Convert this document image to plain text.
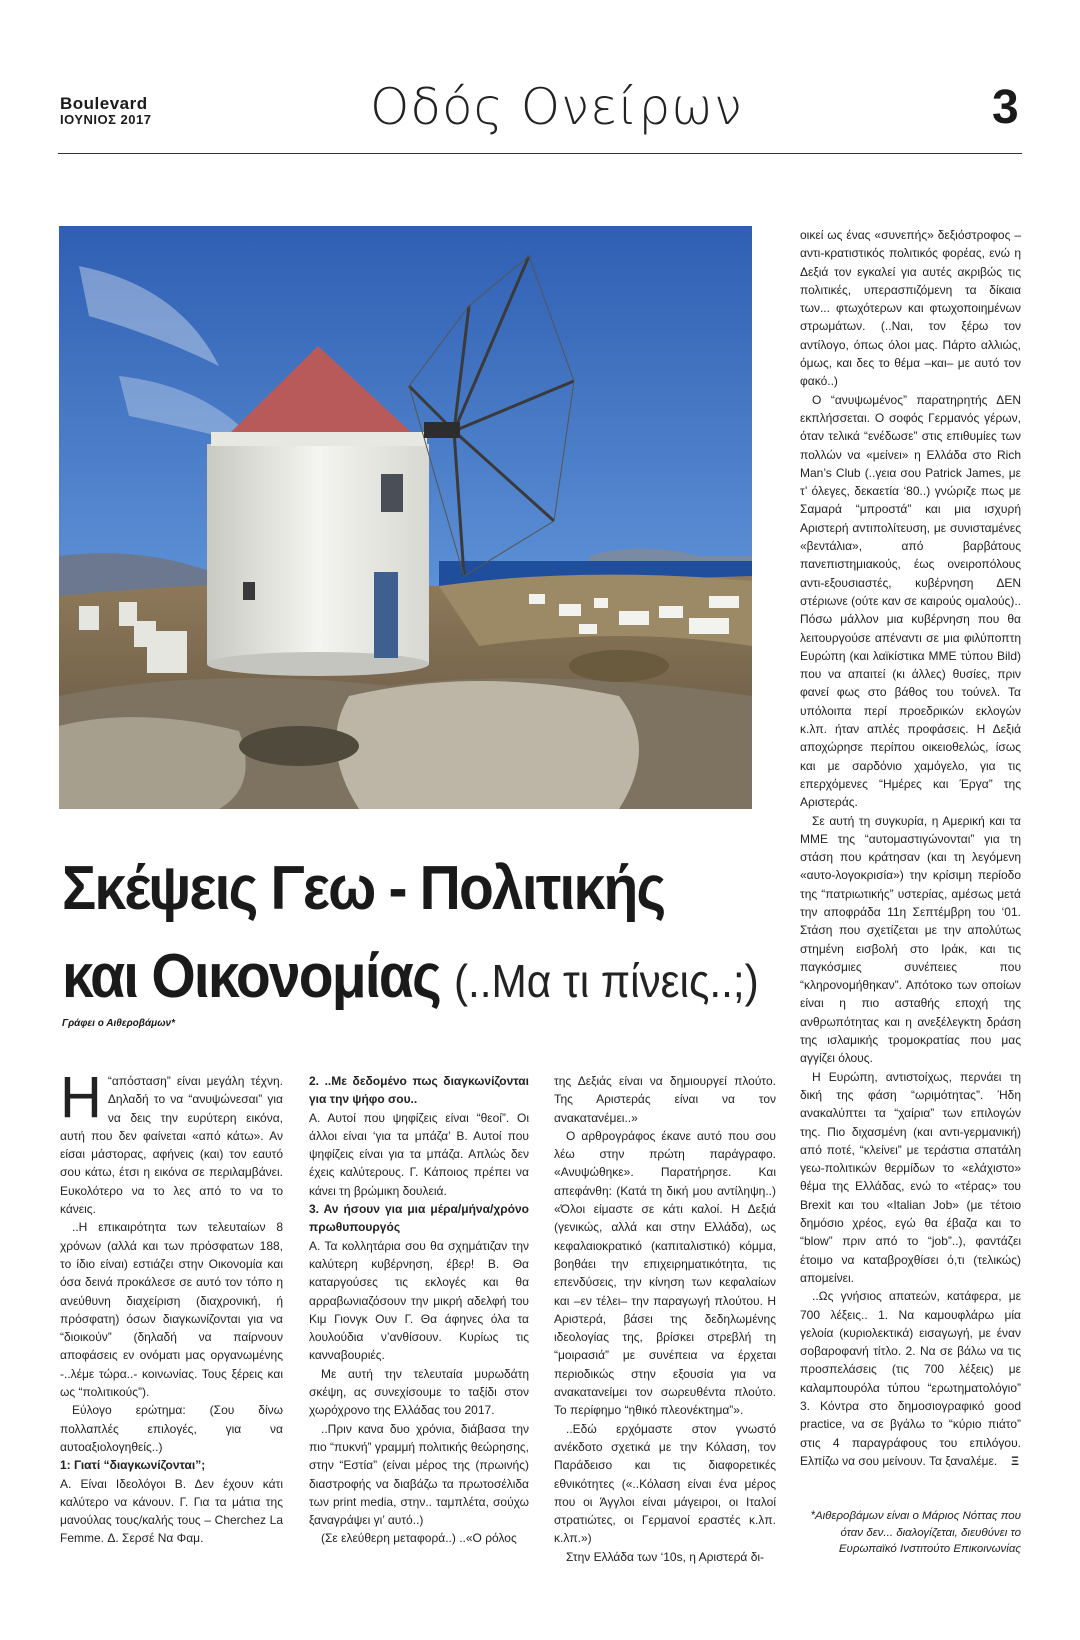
Boulevard
ΙΟΥΝΙΟΣ 2017	Οδός Ονείρων	3
Σκέψεις Γεω - Πολιτικής
και Οικονομίας (..Μα τι πίνεις..;)
Γράφει ο Αιθεροβάμων*
Η “απόσταση” είναι μεγάλη τέχνη. Δηλαδή το να “ανυψώνεσαι” για να δεις την ευρύτερη εικόνα, αυτή που δεν φαίνεται «από κάτω». Αν είσαι μάστορας, αφήνεις (και) τον εαυτό σου κάτω, έτσι η εικόνα σε περιλαμβάνει. Ευκολότερο να το λες από το να το κάνεις.

..Η επικαιρότητα των τελευταίων 8 χρόνων (αλλά και των πρόσφατων 188, το ίδιο είναι) εστιάζει στην Οικονομία και όσα δεινά προκάλεσε σε αυτό τον τόπο η ανεύθυνη διαχείριση (διαχρονική, ή πρόσφατη) όσων διαγκωνίζονται για να “διοικούν” (δηλαδή να παίρνουν αποφάσεις εν ονόματι μας οργανωμένης -..λέμε τώρα..- κοινωνίας. Τους ξέρεις και ως “πολιτικούς”).

Εύλογο ερώτημα: (Σου δίνω πολλαπλές επιλογές, για να αυτοαξιολογηθείς..)

1: Γιατί “διαγκωνίζονται”;

Α. Είναι Ιδεολόγοι Β. Δεν έχουν κάτι καλύτερο να κάνουν. Γ. Για τα μάτια της μανούλας τους/καλής τους – Cherchez La Femme. Δ. Σερσέ Να Φαμ.

2. ..Με δεδομένο πως διαγκωνίζονται για την ψήφο σου..

Α. Αυτοί που ψηφίζεις είναι “θεοί”. Οι άλλοι είναι ‘για τα μπάζα’ Β. Αυτοί που ψηφίζεις είναι για τα μπάζα. Απλώς δεν έχεις καλύτερους. Γ. Κάποιος πρέπει να κάνει τη βρώμικη δουλειά.

3. Αν ήσουν για μια μέρα/μήνα/χρόνο πρωθυπουργός

Α. Τα κολλητάρια σου θα σχημάτιζαν την καλύτερη κυβέρνηση, έβερ! Β. Θα καταργούσες τις εκλογές και θα αρραβωνιαζόσουν την μικρή αδελφή του Κιμ Γιονγκ Ουν Γ. Θα άφηνες όλα τα λουλούδια ν’ανθίσουν. Κυρίως τις κανναβουριές.

Με αυτή την τελευταία μυρωδάτη σκέψη, ας συνεχίσουμε το ταξίδι στον χωρόχρονο της Ελλάδας του 2017.

..Πριν κανα δυο χρόνια, διάβασα την πιο “πυκνή” γραμμή πολιτικής θεώρησης, στην “Εστία” (είναι μέρος της (πρωινής) διαστροφής να διαβάζω τα πρωτοσέλιδα των print media, στην.. ταμπλέτα, σούχω ξαναγράψει γι’ αυτό..)

(Σε ελεύθερη μεταφορά..) ..«Ο ρόλος

της Δεξιάς είναι να δημιουργεί πλούτο. Της Αριστεράς είναι να τον ανακατανέμει..»

Ο αρθρογράφος έκανε αυτό που σου λέω στην πρώτη παράγραφο. «Ανυψώθηκε». Παρατήρησε. Και απεφάνθη: (Κατά τη δική μου αντίληψη..) «Όλοι είμαστε σε κάτι καλοί. Η Δεξιά (γενικώς, αλλά και στην Ελλάδα), ως κεφαλαιοκρατικό (καπιταλιστικό) κόμμα, βοηθάει την επιχειρηματικότητα, τις επενδύσεις, την κίνηση των κεφαλαίων και –εν τέλει– την παραγωγή πλούτου. Η Αριστερά, βάσει της δεδηλωμένης ιδεολογίας της, βρίσκει στρεβλή τη “μοιρασιά” με συνέπεια να έρχεται περιοδικώς στην εξουσία για να ανακατανείμει τον σωρευθέντα πλούτο. Το περίφημο “ηθικό πλεονέκτημα”».

..Εδώ ερχόμαστε στον γνωστό ανέκδοτο σχετικά με την Κόλαση, τον Παράδεισο και τις διαφορετικές εθνικότητες («..Κόλαση είναι ένα μέρος που οι Άγγλοι είναι μάγειροι, οι Ιταλοί στρατιώτες, οι Γερμανοί εραστές κ.λπ. κ.λπ.»)

Στην Ελλάδα των ‘10s, η Αριστερά δι-

οικεί ως ένας «συνεπής» δεξιόστροφος – αντι-κρατιστικός πολιτικός φορέας, ενώ η Δεξιά τον εγκαλεί για αυτές ακριβώς τις πολιτικές, υπερασπιζόμενη τα δίκαια των... φτωχότερων και φτωχοποιημένων στρωμάτων. (..Ναι, τον ξέρω τον αντίλογο, όπως όλοι μας. Πάρτο αλλιώς, όμως, και δες το θέμα –και– με αυτό τον φακό..)

Ο “ανυψωμένος” παρατηρητής ΔΕΝ εκπλήσσεται. Ο σοφός Γερμανός γέρων, όταν τελικά “ενέδωσε” στις επιθυμίες των πολλών να «μείνει» η Ελλάδα στο Rich Man’s Club (..γεια σου Patrick James, με τ’ όλεγες, δεκαετία ‘80..) γνώριζε πως με Σαμαρά “μπροστά” και μια ισχυρή Αριστερή αντιπολίτευση, με συνισταμένες «βεντάλια», από βαρβάτους πανεπιστημιακούς, έως ονειροπόλους αντι-εξουσιαστές, κυβέρνηση ΔΕΝ στέριωνε (ούτε καν σε καιρούς ομαλούς).. Πόσω μάλλον μια κυβέρνηση που θα λειτουργούσε απέναντι σε μια φιλύποπτη Ευρώπη (και λαϊκίστικα ΜΜΕ τύπου Bild) που να απαιτεί (κι άλλες) θυσίες, πριν φανεί φως στο βάθος του τούνελ. Τα υπόλοιπα περί προεδρικών εκλογών κ.λπ. ήταν απλές προφάσεις. Η Δεξιά αποχώρησε περίπου οικειοθελώς, ίσως και με σαρδόνιο χαμόγελο, για τις επερχόμενες “Ημέρες και Έργα” της Αριστεράς.

Σε αυτή τη συγκυρία, η Αμερική και τα ΜΜΕ της “αυτομαστιγώνονται” για τη στάση που κράτησαν (και τη λεγόμενη «αυτο-λογοκρισία») την κρίσιμη περίοδο της “πατριωτικής” υστερίας, αμέσως μετά την αποφράδα 11η Σεπτέμβρη του ‘01. Στάση που σχετίζεται με την απολύτως στημένη εισβολή στο Ιράκ, και τις παγκόσμιες συνέπειες που “κληρονομήθηκαν”. Απότοκο των οποίων είναι η πιο ασταθής εποχή της ανθρωπότητας και η ανεξέλεγκτη δράση της ισλαμικής τρομοκρατίας που μας αγγίζει όλους.

Η Ευρώπη, αντιστοίχως, περνάει τη δική της φάση “ωριμότητας”. Ήδη ανακαλύπτει τα “χαίρια” των επιλογών της. Πιο διχασμένη (και αντι-γερμανική) από ποτέ, “κλείνει” με τεράστια σπατάλη γεω-πολιτικών θερμίδων το «ελάχιστο» θέμα της Ελλάδας, ενώ το «τέρας» του Brexit και του «Italian Job» (με τέτοιο δημόσιο χρέος, εγώ θα έβαζα και το “blow” πριν από το “job”..), φαντάζει έτοιμο να καταβροχθίσει ό,τι (τελικώς) απομείνει.

..Ως γνήσιος απατεών, κατάφερα, με 700 λέξεις.. 1. Να καμουφλάρω μία γελοία (κυριολεκτικά) εισαγωγή, με έναν σοβαροφανή τίτλο. 2. Να σε βάλω να τις προσπελάσεις (τις 700 λέξεις) με καλαμπουρόλα τύπου “ερωτηματολόγιο” 3. Κόντρα στο δημοσιογραφικό good practice, να σε βγάλω το “κύριο πιάτο” στις 4 παραγράφους του επιλόγου. Ελπίζω να σου μείνουν. Τα ξαναλέμε. Ξ

*Αιθεροβάμων είναι ο Μάριος Νόττας που όταν δεν... διαλογίζεται, διευθύνει το Ευρωπαϊκό Ινστιτούτο Επικοινωνίας
